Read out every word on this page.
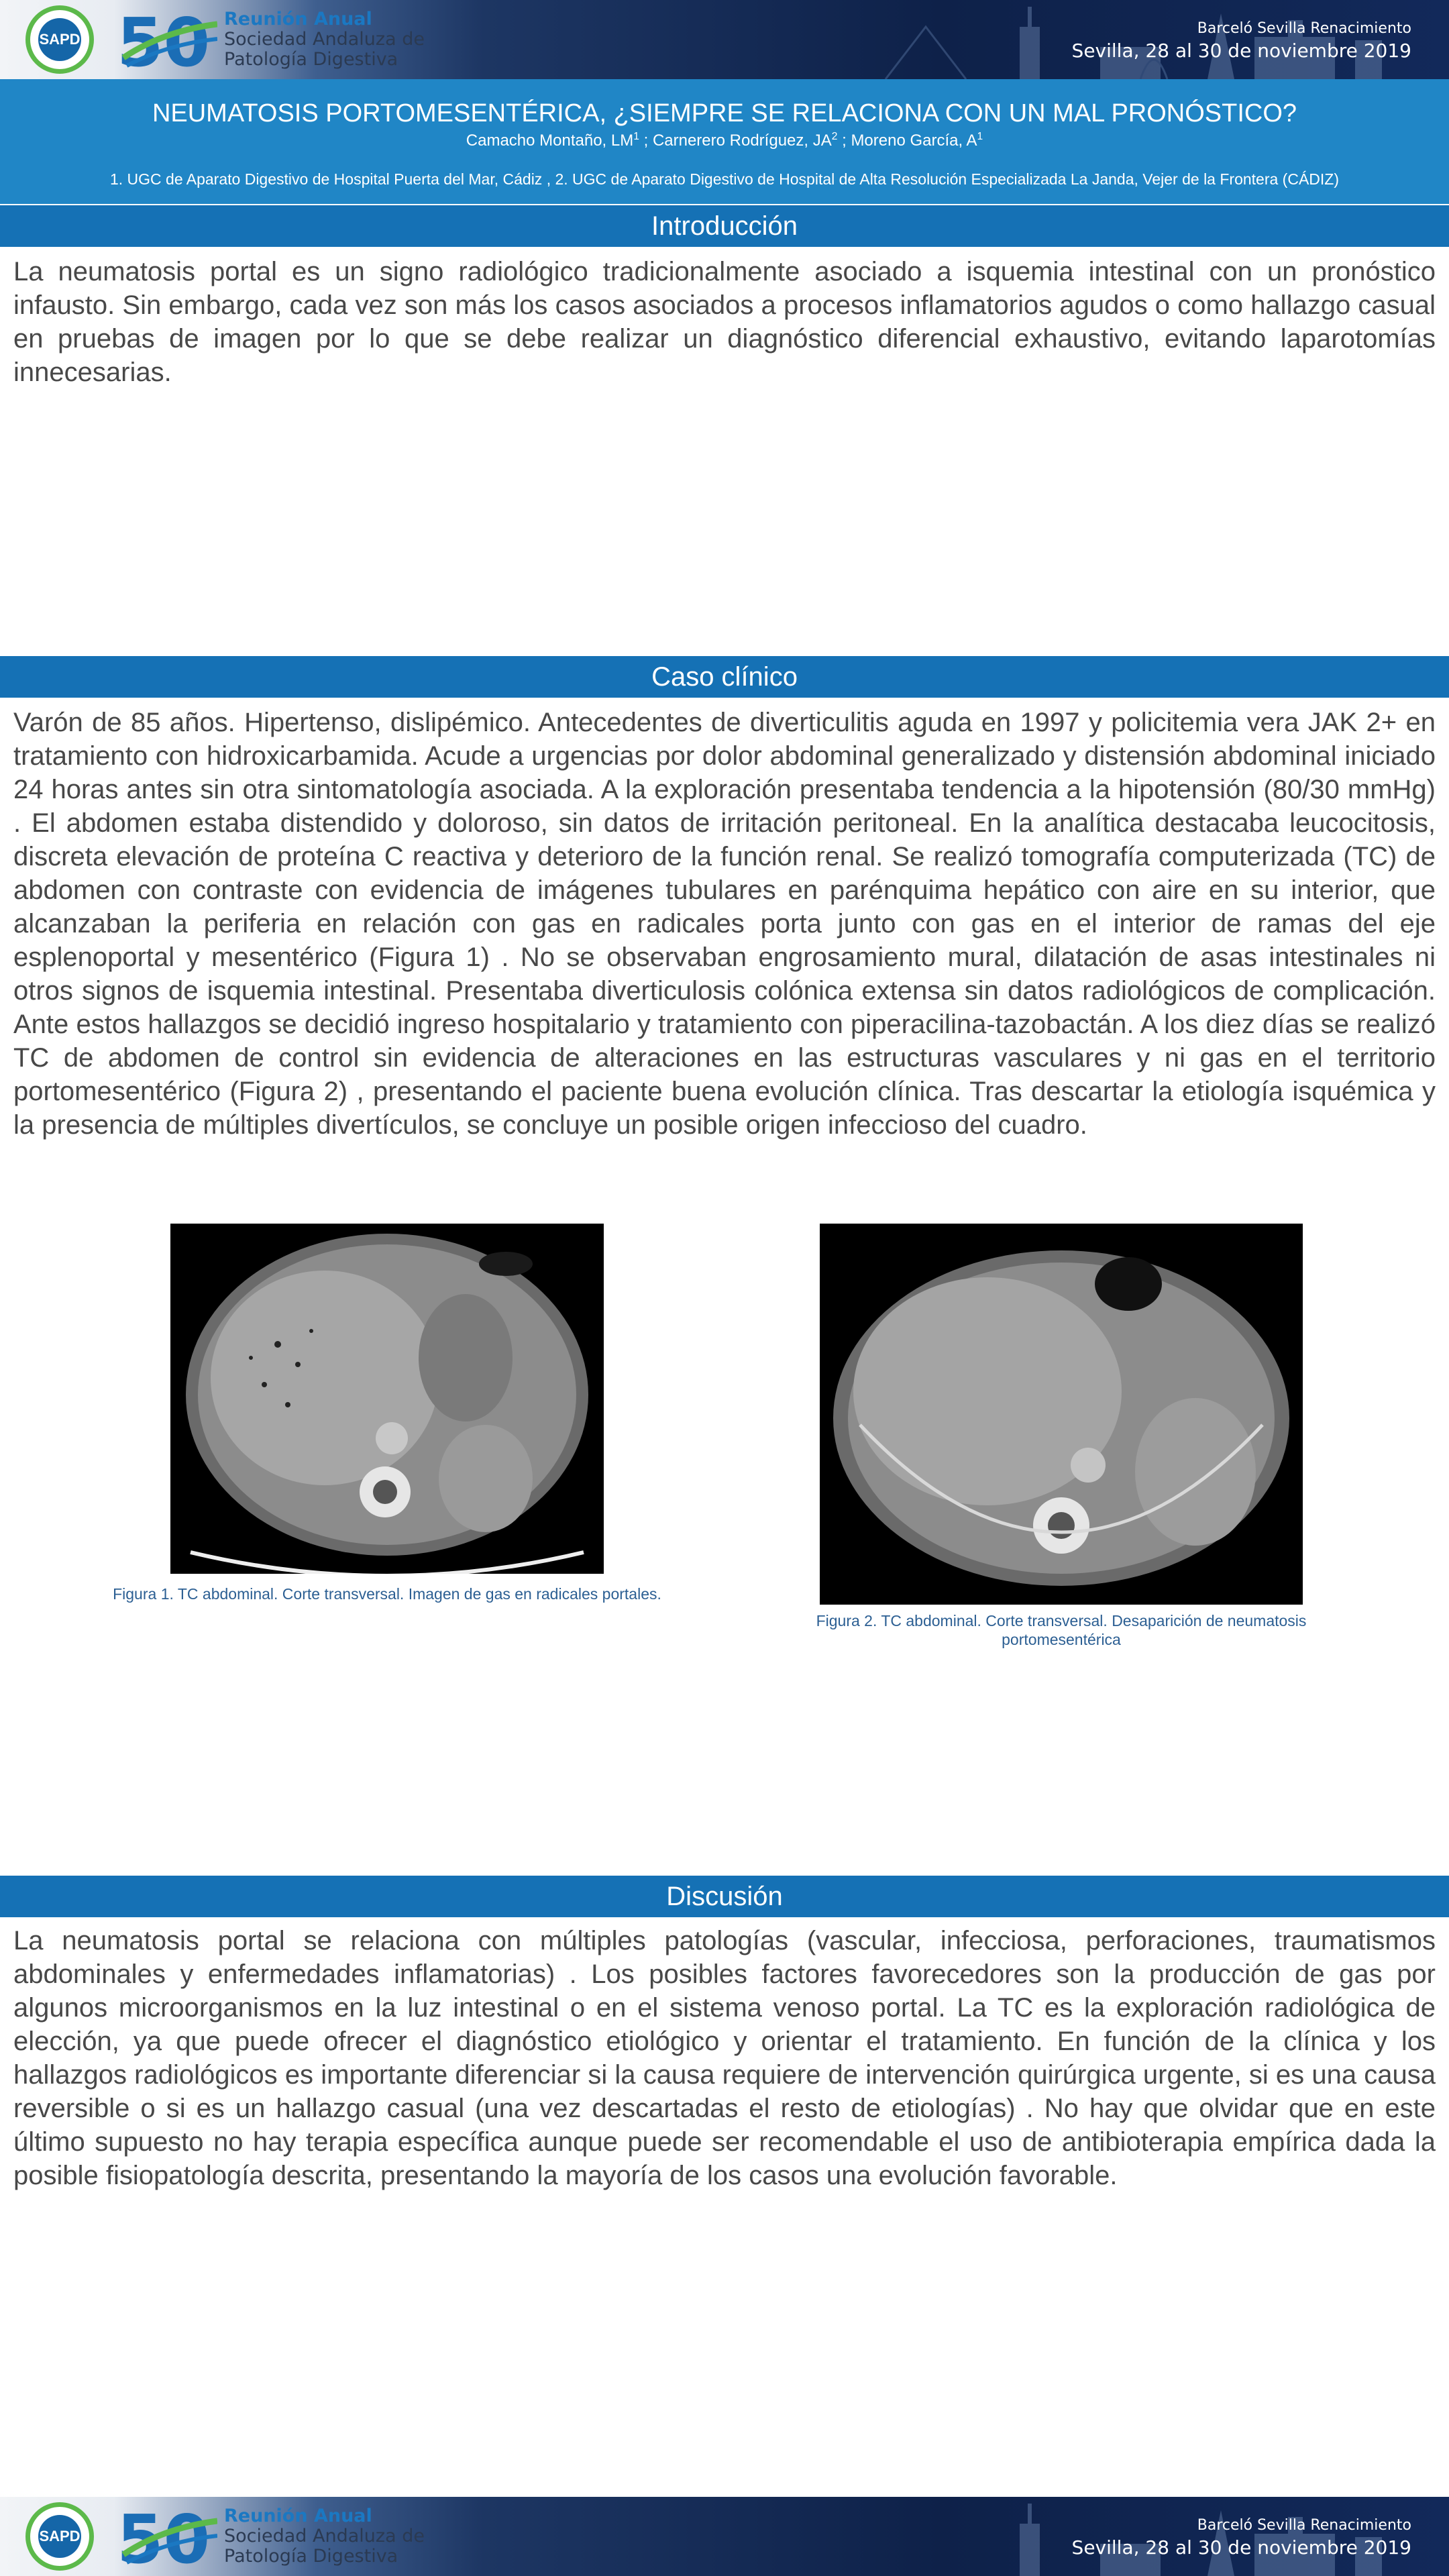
SAPD 50 Reunión Anual
Sociedad Andaluza de
Patología Digestiva
Barceló Sevilla Renacimiento
Sevilla, 28 al 30 de noviembre 2019
NEUMATOSIS PORTOMESENTÉRICA, ¿SIEMPRE SE RELACIONA CON UN MAL PRONÓSTICO?
Camacho Montaño, $LM^1$ ; Carnerero Rodríguez, $JA^2$ ; Moreno García, $A^1$
1. UGC de Aparato Digestivo de Hospital Puerta del Mar, Cádiz , 2. UGC de Aparato Digestivo de Hospital de Alta Resolución Especializada La Janda, Vejer de la Frontera (CÁDIZ)
Introducción

La neumatosis portal es un signo radiológico tradicionalmente asociado a isquemia intestinal con un pronóstico infausto. Sin embargo, cada vez son más los casos asociados a procesos inflamatorios agudos o como hallazgo casual en pruebas de imagen por lo que se debe realizar un diagnóstico diferencial exhaustivo, evitando laparotomías innecesarias.

Caso clínico

Varón de 85 años. Hipertenso, dislipémico. Antecedentes de diverticulitis aguda en 1997 y policitemia vera JAK 2+ en tratamiento con hidroxicarbamida. Acude a urgencias por dolor abdominal generalizado y distensión abdominal iniciado 24 horas antes sin otra sintomatología asociada. A la exploración presentaba tendencia a la hipotensión (80/30 mmHg) . El abdomen estaba distendido y doloroso, sin datos de irritación peritoneal. En la analítica destacaba leucocitosis, discreta elevación de proteína C reactiva y deterioro de la función renal. Se realizó tomografía computerizada (TC) de abdomen con contraste con evidencia de imágenes tubulares en parénquima hepático con aire en su interior, que alcanzaban la periferia en relación con gas en radicales porta junto con gas en el interior de ramas del eje esplenoportal y mesentérico (Figura 1) . No se observaban engrosamiento mural, dilatación de asas intestinales ni otros signos de isquemia intestinal. Presentaba diverticulosis colónica extensa sin datos radiológicos de complicación. Ante estos hallazgos se decidió ingreso hospitalario y tratamiento con piperacilina-tazobactán. A los diez días se realizó TC de abdomen de control sin evidencia de alteraciones en las estructuras vasculares y ni gas en el territorio portomesentérico (Figura 2) , presentando el paciente buena evolución clínica. Tras descartar la etiología isquémica y la presencia de múltiples divertículos, se concluye un posible origen infeccioso del cuadro.

Figura 1. TC abdominal. Corte transversal. Imagen de gas en radicales portales.
Figura 2. TC abdominal. Corte transversal. Desaparición de neumatosis portomesentérica
Discusión

La neumatosis portal se relaciona con múltiples patologías (vascular, infecciosa, perforaciones, traumatismos abdominales y enfermedades inflamatorias) . Los posibles factores favorecedores son la producción de gas por algunos microorganismos en la luz intestinal o en el sistema venoso portal. La TC es la exploración radiológica de elección, ya que puede ofrecer el diagnóstico etiológico y orientar el tratamiento. En función de la clínica y los hallazgos radiológicos es importante diferenciar si la causa requiere de intervención quirúrgica urgente, si es una causa reversible o si es un hallazgo casual (una vez descartadas el resto de etiologías) . No hay que olvidar que en este último supuesto no hay terapia específica aunque puede ser recomendable el uso de antibioterapia empírica dada la posible fisiopatología descrita, presentando la mayoría de los casos una evolución favorable.

SAPD 50 Reunión Anual
Sociedad Andaluza de
Patología Digestiva
Barceló Sevilla Renacimiento
Sevilla, 28 al 30 de noviembre 2019
